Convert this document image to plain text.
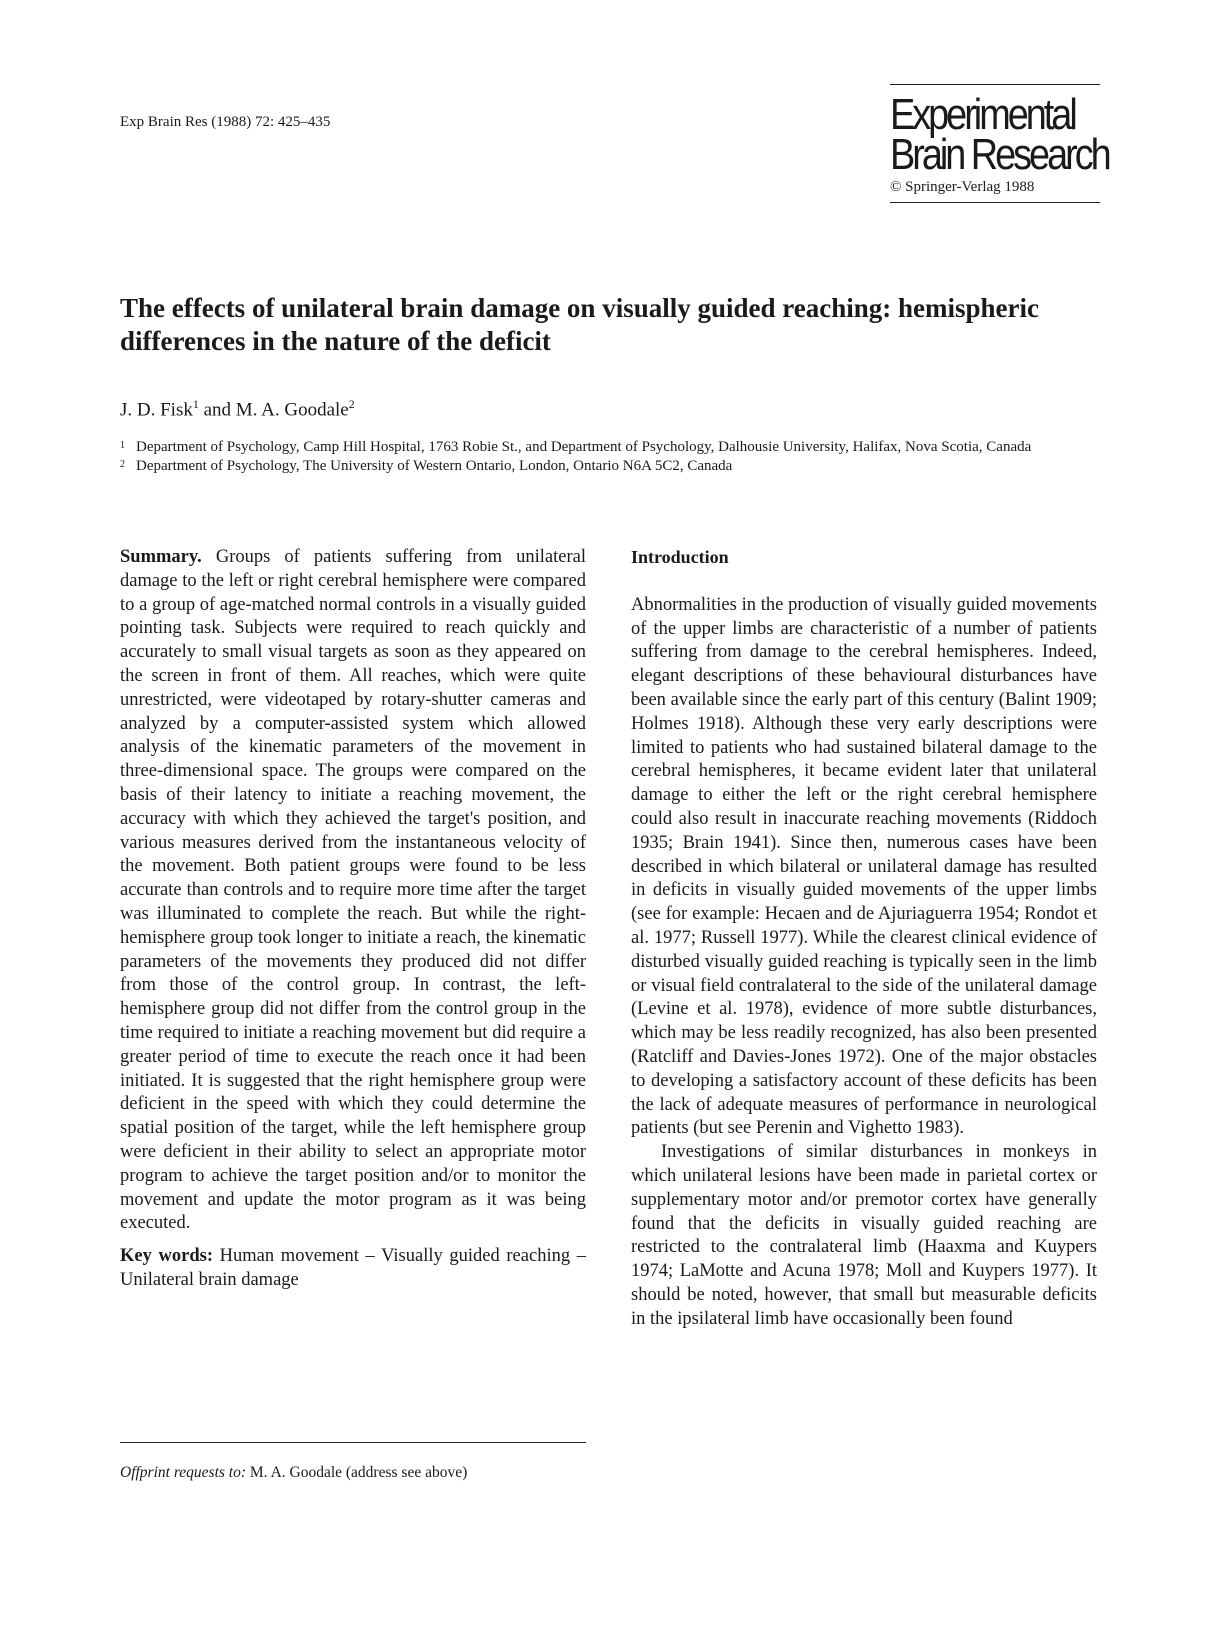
Exp Brain Res (1988) 72: 425–435	Experimental
Brain Research
© Springer-Verlag 1988
The effects of unilateral brain damage on visually guided reaching: hemispheric differences in the nature of the deficit
J. D. Fisk$^1$ and M. A. Goodale$^2$
1 Department of Psychology, Camp Hill Hospital, 1763 Robie St., and Department of Psychology, Dalhousie University, Halifax, Nova Scotia, Canada
2 Department of Psychology, The University of Western Ontario, London, Ontario N6A 5C2, Canada

Summary. Groups of patients suffering from unilateral damage to the left or right cerebral hemisphere were compared to a group of age-matched normal controls in a visually guided pointing task. Subjects were required to reach quickly and accurately to small visual targets as soon as they appeared on the screen in front of them. All reaches, which were quite unrestricted, were videotaped by rotary-shutter cameras and analyzed by a computer-assisted system which allowed analysis of the kinematic parameters of the movement in three-dimensional space. The groups were compared on the basis of their latency to initiate a reaching movement, the accuracy with which they achieved the target's position, and various measures derived from the instantaneous velocity of the movement. Both patient groups were found to be less accurate than controls and to require more time after the target was illuminated to complete the reach. But while the right-hemisphere group took longer to initiate a reach, the kinematic parameters of the movements they produced did not differ from those of the control group. In contrast, the left-hemisphere group did not differ from the control group in the time required to initiate a reaching movement but did require a greater period of time to execute the reach once it had been initiated. It is suggested that the right hemisphere group were deficient in the speed with which they could determine the spatial position of the target, while the left hemisphere group were deficient in their ability to select an appropriate motor program to achieve the target position and/or to monitor the movement and update the motor program as it was being executed.

Key words: Human movement – Visually guided reaching – Unilateral brain damage

Offprint requests to: M. A. Goodale (address see above)
Introduction

Abnormalities in the production of visually guided movements of the upper limbs are characteristic of a number of patients suffering from damage to the cerebral hemispheres. Indeed, elegant descriptions of these behavioural disturbances have been available since the early part of this century (Balint 1909; Holmes 1918). Although these very early descriptions were limited to patients who had sustained bilateral damage to the cerebral hemispheres, it became evident later that unilateral damage to either the left or the right cerebral hemisphere could also result in inaccurate reaching movements (Riddoch 1935; Brain 1941). Since then, numerous cases have been described in which bilateral or unilateral damage has resulted in deficits in visually guided movements of the upper limbs (see for example: Hecaen and de Ajuriaguerra 1954; Rondot et al. 1977; Russell 1977). While the clearest clinical evidence of disturbed visually guided reaching is typically seen in the limb or visual field contralateral to the side of the unilateral damage (Levine et al. 1978), evidence of more subtle disturbances, which may be less readily recognized, has also been presented (Ratcliff and Davies-Jones 1972). One of the major obstacles to developing a satisfactory account of these deficits has been the lack of adequate measures of performance in neurological patients (but see Perenin and Vighetto 1983).

Investigations of similar disturbances in monkeys in which unilateral lesions have been made in parietal cortex or supplementary motor and/or premotor cortex have generally found that the deficits in visually guided reaching are restricted to the contralateral limb (Haaxma and Kuypers 1974; LaMotte and Acuna 1978; Moll and Kuypers 1977). It should be noted, however, that small but measurable deficits in the ipsilateral limb have occasionally been found
